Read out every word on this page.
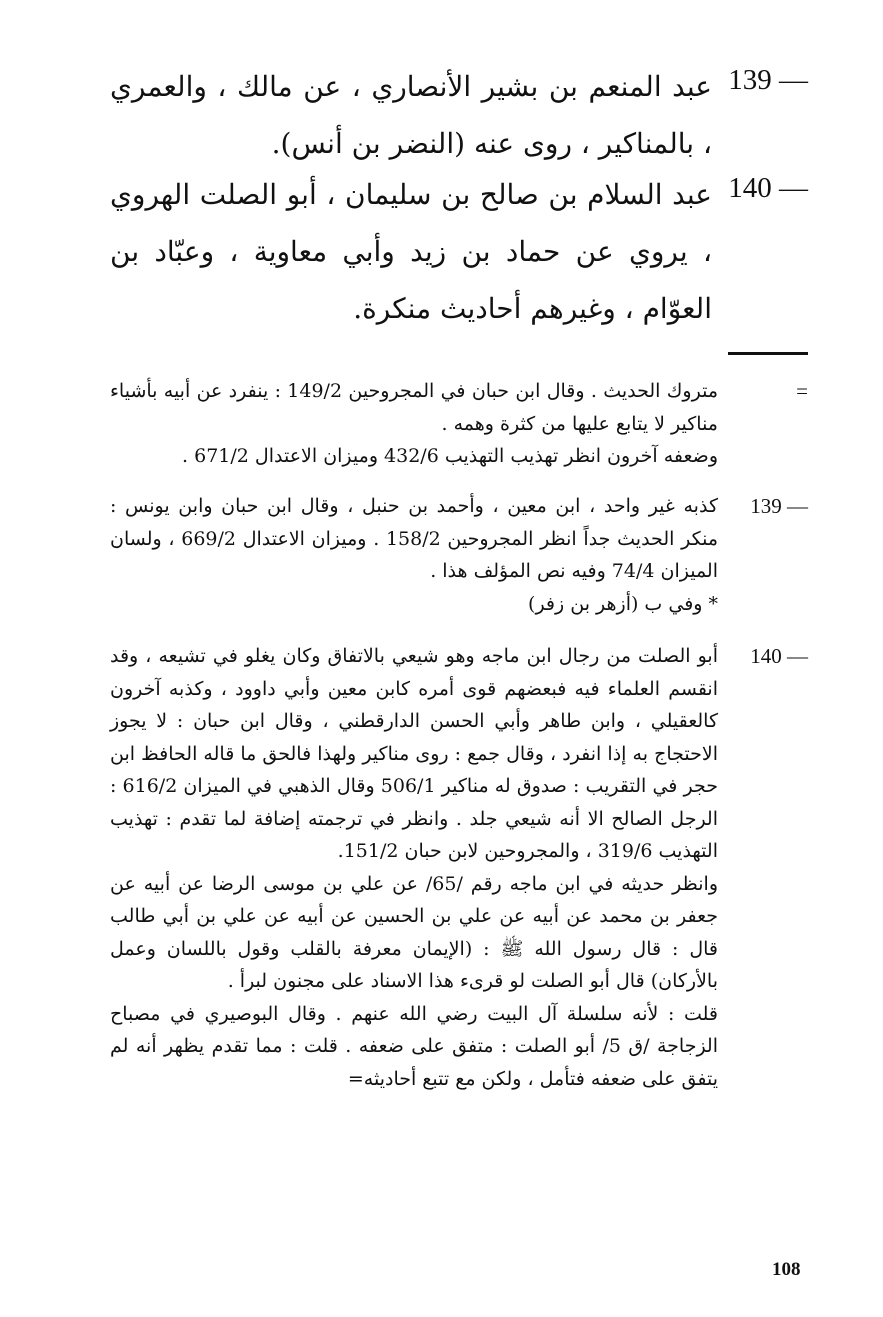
139 —
عبد المنعم بن بشير الأنصاري ، عن مالك ، والعمري ، بالمناكير ، روى عنه (النضر بن أنس).
140 —
عبد السلام بن صالح بن سليمان ، أبو الصلت الهروي ، يروي عن حماد بن زيد وأبي معاوية ، وعبّاد بن العوّام ، وغيرهم أحاديث منكرة.
=

متروك الحديث . وقال ابن حبان في المجروحين 149/2 : ينفرد عن أبيه بأشياء مناكير لا يتابع عليها من كثرة وهمه .

وضعفه آخرون انظر تهذيب التهذيب 432/6 وميزان الاعتدال 671/2 .

139 —

كذبه غير واحد ، ابن معين ، وأحمد بن حنبل ، وقال ابن حبان وابن يونس : منكر الحديث جداً انظر المجروحين 158/2 . وميزان الاعتدال 669/2 ، ولسان الميزان 74/4 وفيه نص المؤلف هذا .

* وفي ب (أزهر بن زفر)

140 —

أبو الصلت من رجال ابن ماجه وهو شيعي بالاتفاق وكان يغلو في تشيعه ، وقد انقسم العلماء فيه فبعضهم قوى أمره كابن معين وأبي داوود ، وكذبه آخرون كالعقيلي ، وابن طاهر وأبي الحسن الدارقطني ، وقال ابن حبان : لا يجوز الاحتجاج به إذا انفرد ، وقال جمع : روى مناكير ولهذا فالحق ما قاله الحافظ ابن حجر في التقريب : صدوق له مناكير 506/1 وقال الذهبي في الميزان 616/2 : الرجل الصالح الا أنه شيعي جلد . وانظر في ترجمته إضافة لما تقدم : تهذيب التهذيب 319/6 ، والمجروحين لابن حبان 151/2.

وانظر حديثه في ابن ماجه رقم /65/ عن علي بن موسى الرضا عن أبيه عن جعفر بن محمد عن أبيه عن علي بن الحسين عن أبيه عن علي بن أبي طالب قال : قال رسول الله ﷺ : (الإيمان معرفة بالقلب وقول باللسان وعمل بالأركان) قال أبو الصلت لو قرىء هذا الاسناد على مجنون لبرأ .

قلت : لأنه سلسلة آل البيت رضي الله عنهم . وقال البوصيري في مصباح الزجاجة /ق 5/ أبو الصلت : متفق على ضعفه . قلت : مما تقدم يظهر أنه لم يتفق على ضعفه فتأمل ، ولكن مع تتبع أحاديثه=

108
